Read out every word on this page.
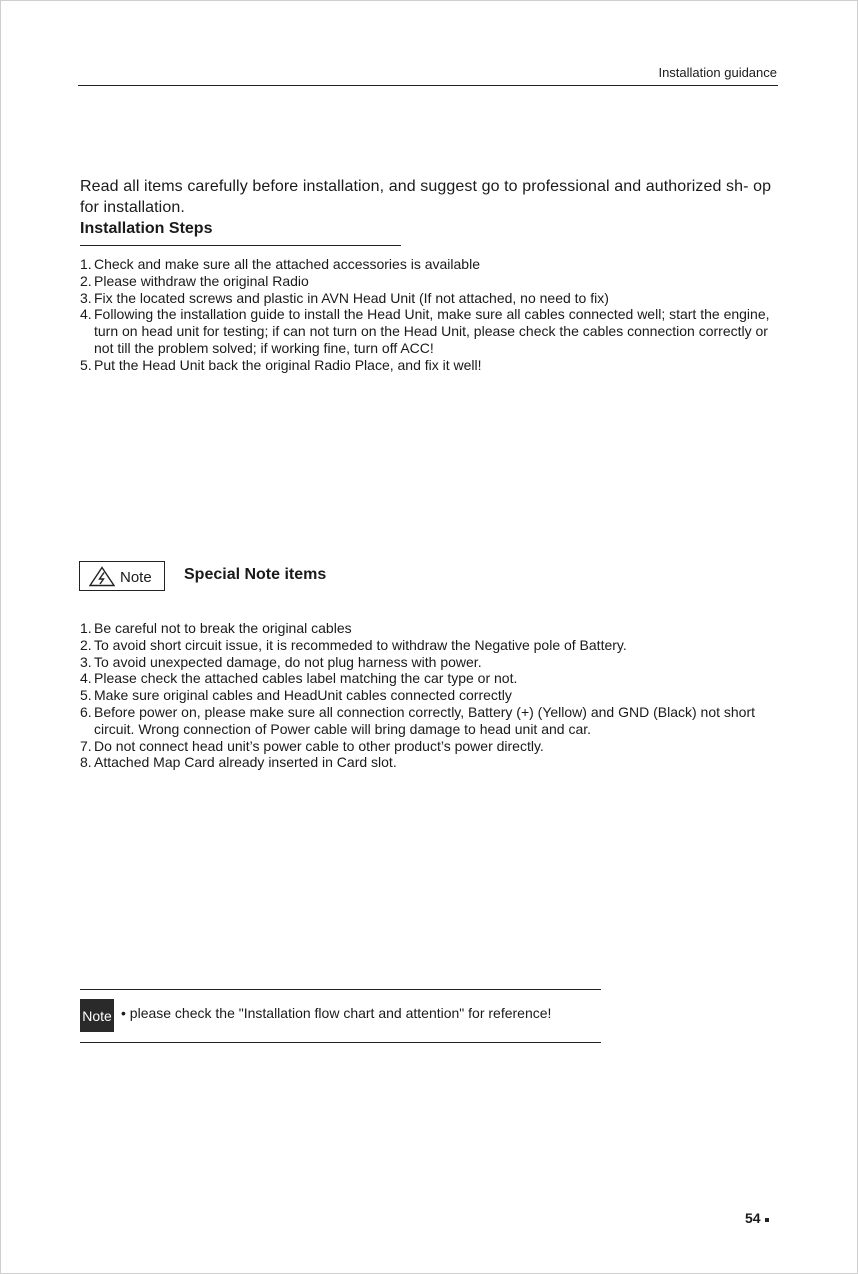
Installation guidance
Read all items carefully before installation, and suggest go to professional and authorized sh- op for installation.
Installation Steps
1. Check and make sure all the attached accessories is available
2. Please withdraw the original Radio
3. Fix the located screws and plastic in AVN Head Unit (If not attached, no need to fix)
4. Following the installation guide to install the Head Unit, make sure all cables connected well; start the engine, turn on head unit for testing; if can not turn on the Head Unit, please check the cables connection correctly or not till the problem solved; if working fine, turn off ACC!
5. Put the Head Unit back the original Radio Place, and fix it well!
Note Special Note items
1. Be careful not to break the original cables
2. To avoid short circuit issue, it is recommeded to withdraw the Negative pole of Battery.
3. To avoid unexpected damage, do not plug harness with power.
4. Please check the attached cables label matching the car type or not.
5. Make sure original cables and HeadUnit cables connected correctly
6. Before power on, please make sure all connection correctly, Battery (+) (Yellow) and GND (Black) not short circuit. Wrong connection of Power cable will bring damage to head unit and car.
7. Do not connect head unit’s power cable to other product’s power directly.
8. Attached Map Card already inserted in Card slot.
Note • please check the "Installation flow chart and attention" for reference!
54
